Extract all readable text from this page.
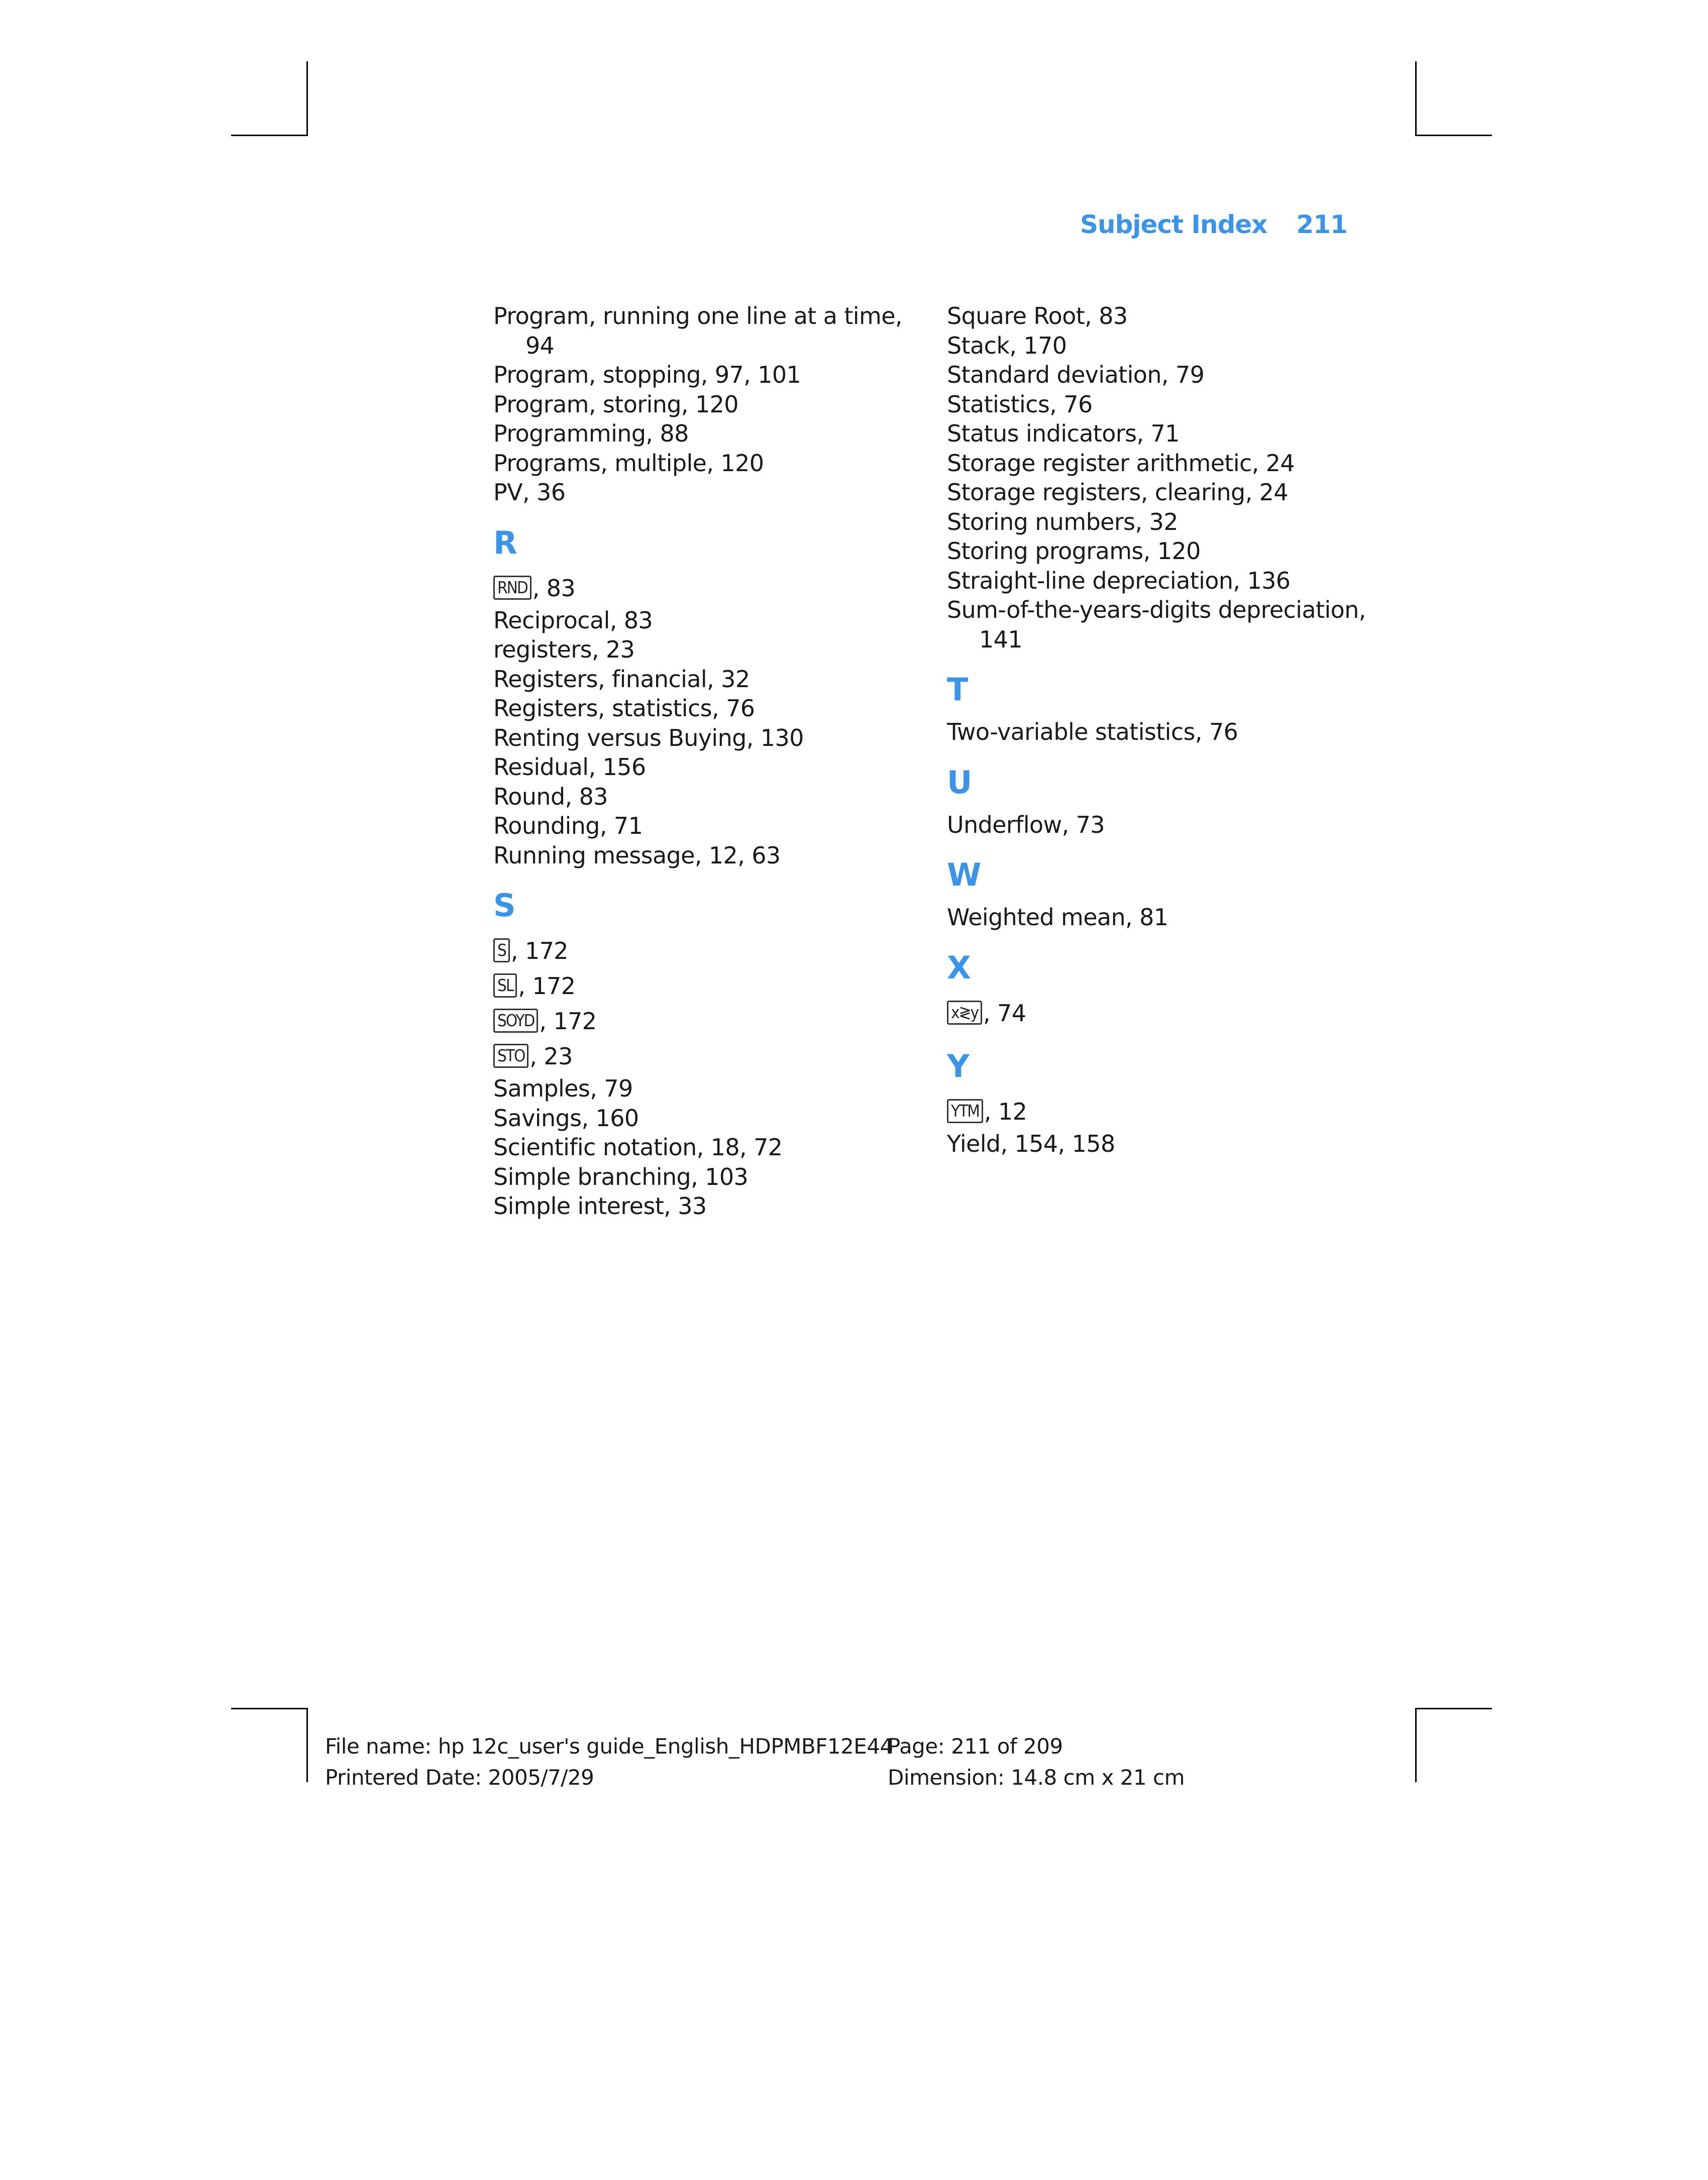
Subject Index 211
Program, running one line at a time,
94
Program, stopping, 97, 101
Program, storing, 120
Programming, 88
Programs, multiple, 120
PV, 36
R
RND , 83
Reciprocal, 83
registers, 23
Registers, financial, 32
Registers, statistics, 76
Renting versus Buying, 130
Residual, 156
Round, 83
Rounding, 71
Running message, 12, 63
S
S , 172
SL , 172
SOYD , 172
STO , 23
Samples, 79
Savings, 160
Scientific notation, 18, 72
Simple branching, 103
Simple interest, 33
Square Root, 83
Stack, 170
Standard deviation, 79
Statistics, 76
Status indicators, 71
Storage register arithmetic, 24
Storage registers, clearing, 24
Storing numbers, 32
Storing programs, 120
Straight-line depreciation, 136
Sum-of-the-years-digits depreciation,
141
T
Two-variable statistics, 76
U
Underflow, 73
W
Weighted mean, 81
X
x≷y , 74
Y
YTM , 12
Yield, 154, 158
File name: hp 12c_user's guide_English_HDPMBF12E44
Printered Date: 2005/7/29
Page: 211 of 209
Dimension: 14.8 cm x 21 cm
